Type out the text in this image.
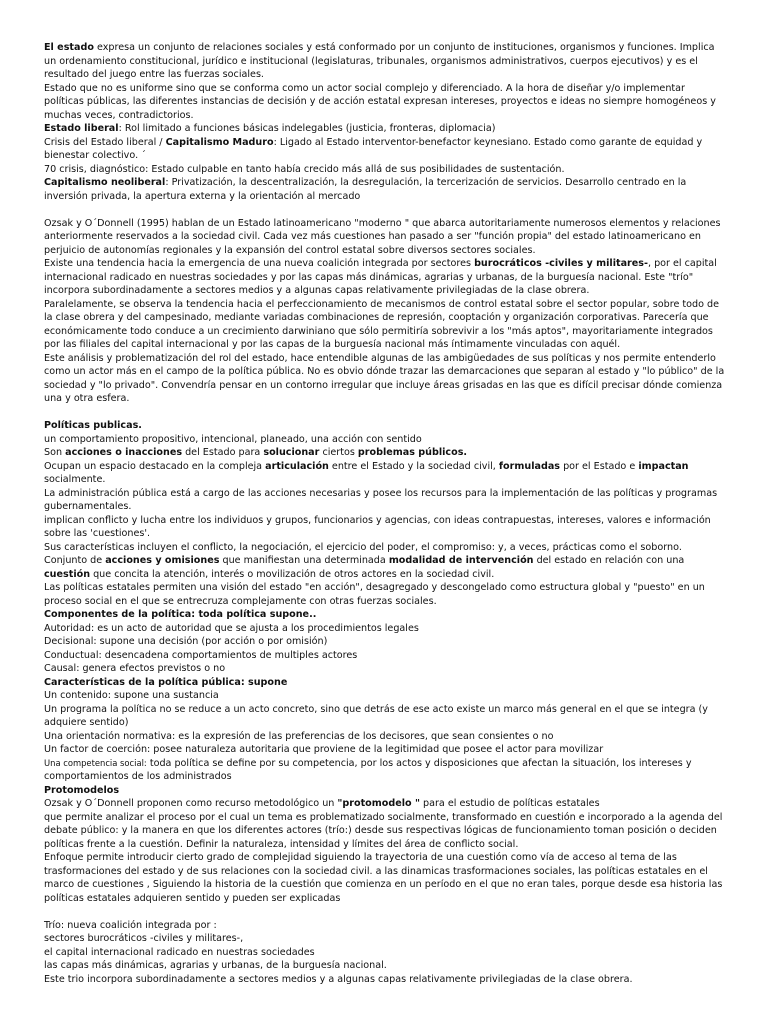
El estado expresa un conjunto de relaciones sociales y está conformado por un conjunto de instituciones, organismos y funciones. Implica un ordenamiento constitucional, jurídico e institucional (legislaturas, tribunales, organismos administrativos, cuerpos ejecutivos) y es el resultado del juego entre las fuerzas sociales.

Estado que no es uniforme sino que se conforma como un actor social complejo y diferenciado. A la hora de diseñar y/o implementar políticas públicas, las diferentes instancias de decisión y de acción estatal expresan intereses, proyectos e ideas no siempre homogéneos y muchas veces, contradictorios.

Estado liberal: Rol limitado a funciones básicas indelegables (justicia, fronteras, diplomacia)

Crisis del Estado liberal / Capitalismo Maduro: Ligado al Estado interventor-benefactor keynesiano. Estado como garante de equidad y bienestar colectivo. ´

70 crisis, diagnóstico: Estado culpable en tanto había crecido más allá de sus posibilidades de sustentación.

Capitalismo neoliberal: Privatización, la descentralización, la desregulación, la tercerización de servicios. Desarrollo centrado en la inversión privada, la apertura externa y la orientación al mercado

Ozsak y O´Donnell (1995) hablan de un Estado latinoamericano "moderno " que abarca autoritariamente numerosos elementos y relaciones anteriormente reservados a la sociedad civil. Cada vez más cuestiones han pasado a ser "función propia" del estado latinoamericano en perjuicio de autonomías regionales y la expansión del control estatal sobre diversos sectores sociales.

Existe una tendencia hacia la emergencia de una nueva coalición integrada por sectores burocráticos -civiles y militares-, por el capital internacional radicado en nuestras sociedades y por las capas más dinámicas, agrarias y urbanas, de la burguesía nacional. Este "trío" incorpora subordinadamente a sectores medios y a algunas capas relativamente privilegiadas de la clase obrera.

Paralelamente, se observa la tendencia hacia el perfeccionamiento de mecanismos de control estatal sobre el sector popular, sobre todo de la clase obrera y del campesinado, mediante variadas combinaciones de represión, cooptación y organización corporativas. Parecería que económicamente todo conduce a un crecimiento darwiniano que sólo permitiría sobrevivir a los "más aptos", mayoritariamente integrados por las filiales del capital internacional y por las capas de la burguesía nacional más íntimamente vinculadas con aquél.

Este análisis y problematización del rol del estado, hace entendible algunas de las ambigüedades de sus políticas y nos permite entenderlo como un actor más en el campo de la política pública. No es obvio dónde trazar las demarcaciones que separan al estado y "lo público" de la sociedad y "lo privado". Convendría pensar en un contorno irregular que incluye áreas grisadas en las que es difícil precisar dónde comienza una y otra esfera.

Políticas publicas.

un comportamiento propositivo, intencional, planeado, una acción con sentido

Son acciones o inacciones del Estado para solucionar ciertos problemas públicos.

Ocupan un espacio destacado en la compleja articulación entre el Estado y la sociedad civil, formuladas por el Estado e impactan socialmente.

La administración pública está a cargo de las acciones necesarias y posee los recursos para la implementación de las políticas y programas gubernamentales.

implican conflicto y lucha entre los individuos y grupos, funcionarios y agencias, con ideas contrapuestas, intereses, valores e información sobre las 'cuestiones'.

Sus características incluyen el conflicto, la negociación, el ejercicio del poder, el compromiso: y, a veces, prácticas como el soborno.

Conjunto de acciones y omisiones que manifiestan una determinada modalidad de intervención del estado en relación con una cuestión que concita la atención, interés o movilización de otros actores en la sociedad civil.

Las políticas estatales permiten una visión del estado "en acción", desagregado y descongelado como estructura global y "puesto" en un proceso social en el que se entrecruza complejamente con otras fuerzas sociales.

Componentes de la política: toda política supone..

Autoridad: es un acto de autoridad que se ajusta a los procedimientos legales

Decisional: supone una decisión (por acción o por omisión)

Conductual: desencadena comportamientos de multiples actores

Causal: genera efectos previstos o no

Características de la política pública: supone

Un contenido: supone una sustancia

Un programa la política no se reduce a un acto concreto, sino que detrás de ese acto existe un marco más general en el que se integra (y adquiere sentido)

Una orientación normativa: es la expresión de las preferencias de los decisores, que sean consientes o no

Un factor de coerción: posee naturaleza autoritaria que proviene de la legitimidad que posee el actor para movilizar

Una competencia social: toda política se define por su competencia, por los actos y disposiciones que afectan la situación, los intereses y comportamientos de los administrados

Protomodelos

Ozsak y O´Donnell proponen como recurso metodológico un "protomodelo " para el estudio de políticas estatales

que permite analizar el proceso por el cual un tema es problematizado socialmente, transformado en cuestión e incorporado a la agenda del debate público: y la manera en que los diferentes actores (trío:) desde sus respectivas lógicas de funcionamiento toman posición o deciden políticas frente a la cuestión. Definir la naturaleza, intensidad y límites del área de conflicto social.

Enfoque permite introducir cierto grado de complejidad siguiendo la trayectoria de una cuestión como vía de acceso al tema de las trasformaciones del estado y de sus relaciones con la sociedad civil. a las dinamicas trasformaciones sociales, las políticas estatales en el marco de cuestiones , Siguiendo la historia de la cuestión que comienza en un período en el que no eran tales, porque desde esa historia las políticas estatales adquieren sentido y pueden ser explicadas

Trío: nueva coalición integrada por :

sectores burocráticos -civiles y militares-,

el capital internacional radicado en nuestras sociedades

las capas más dinámicas, agrarias y urbanas, de la burguesía nacional.

Este trio incorpora subordinadamente a sectores medios y a algunas capas relativamente privilegiadas de la clase obrera.
